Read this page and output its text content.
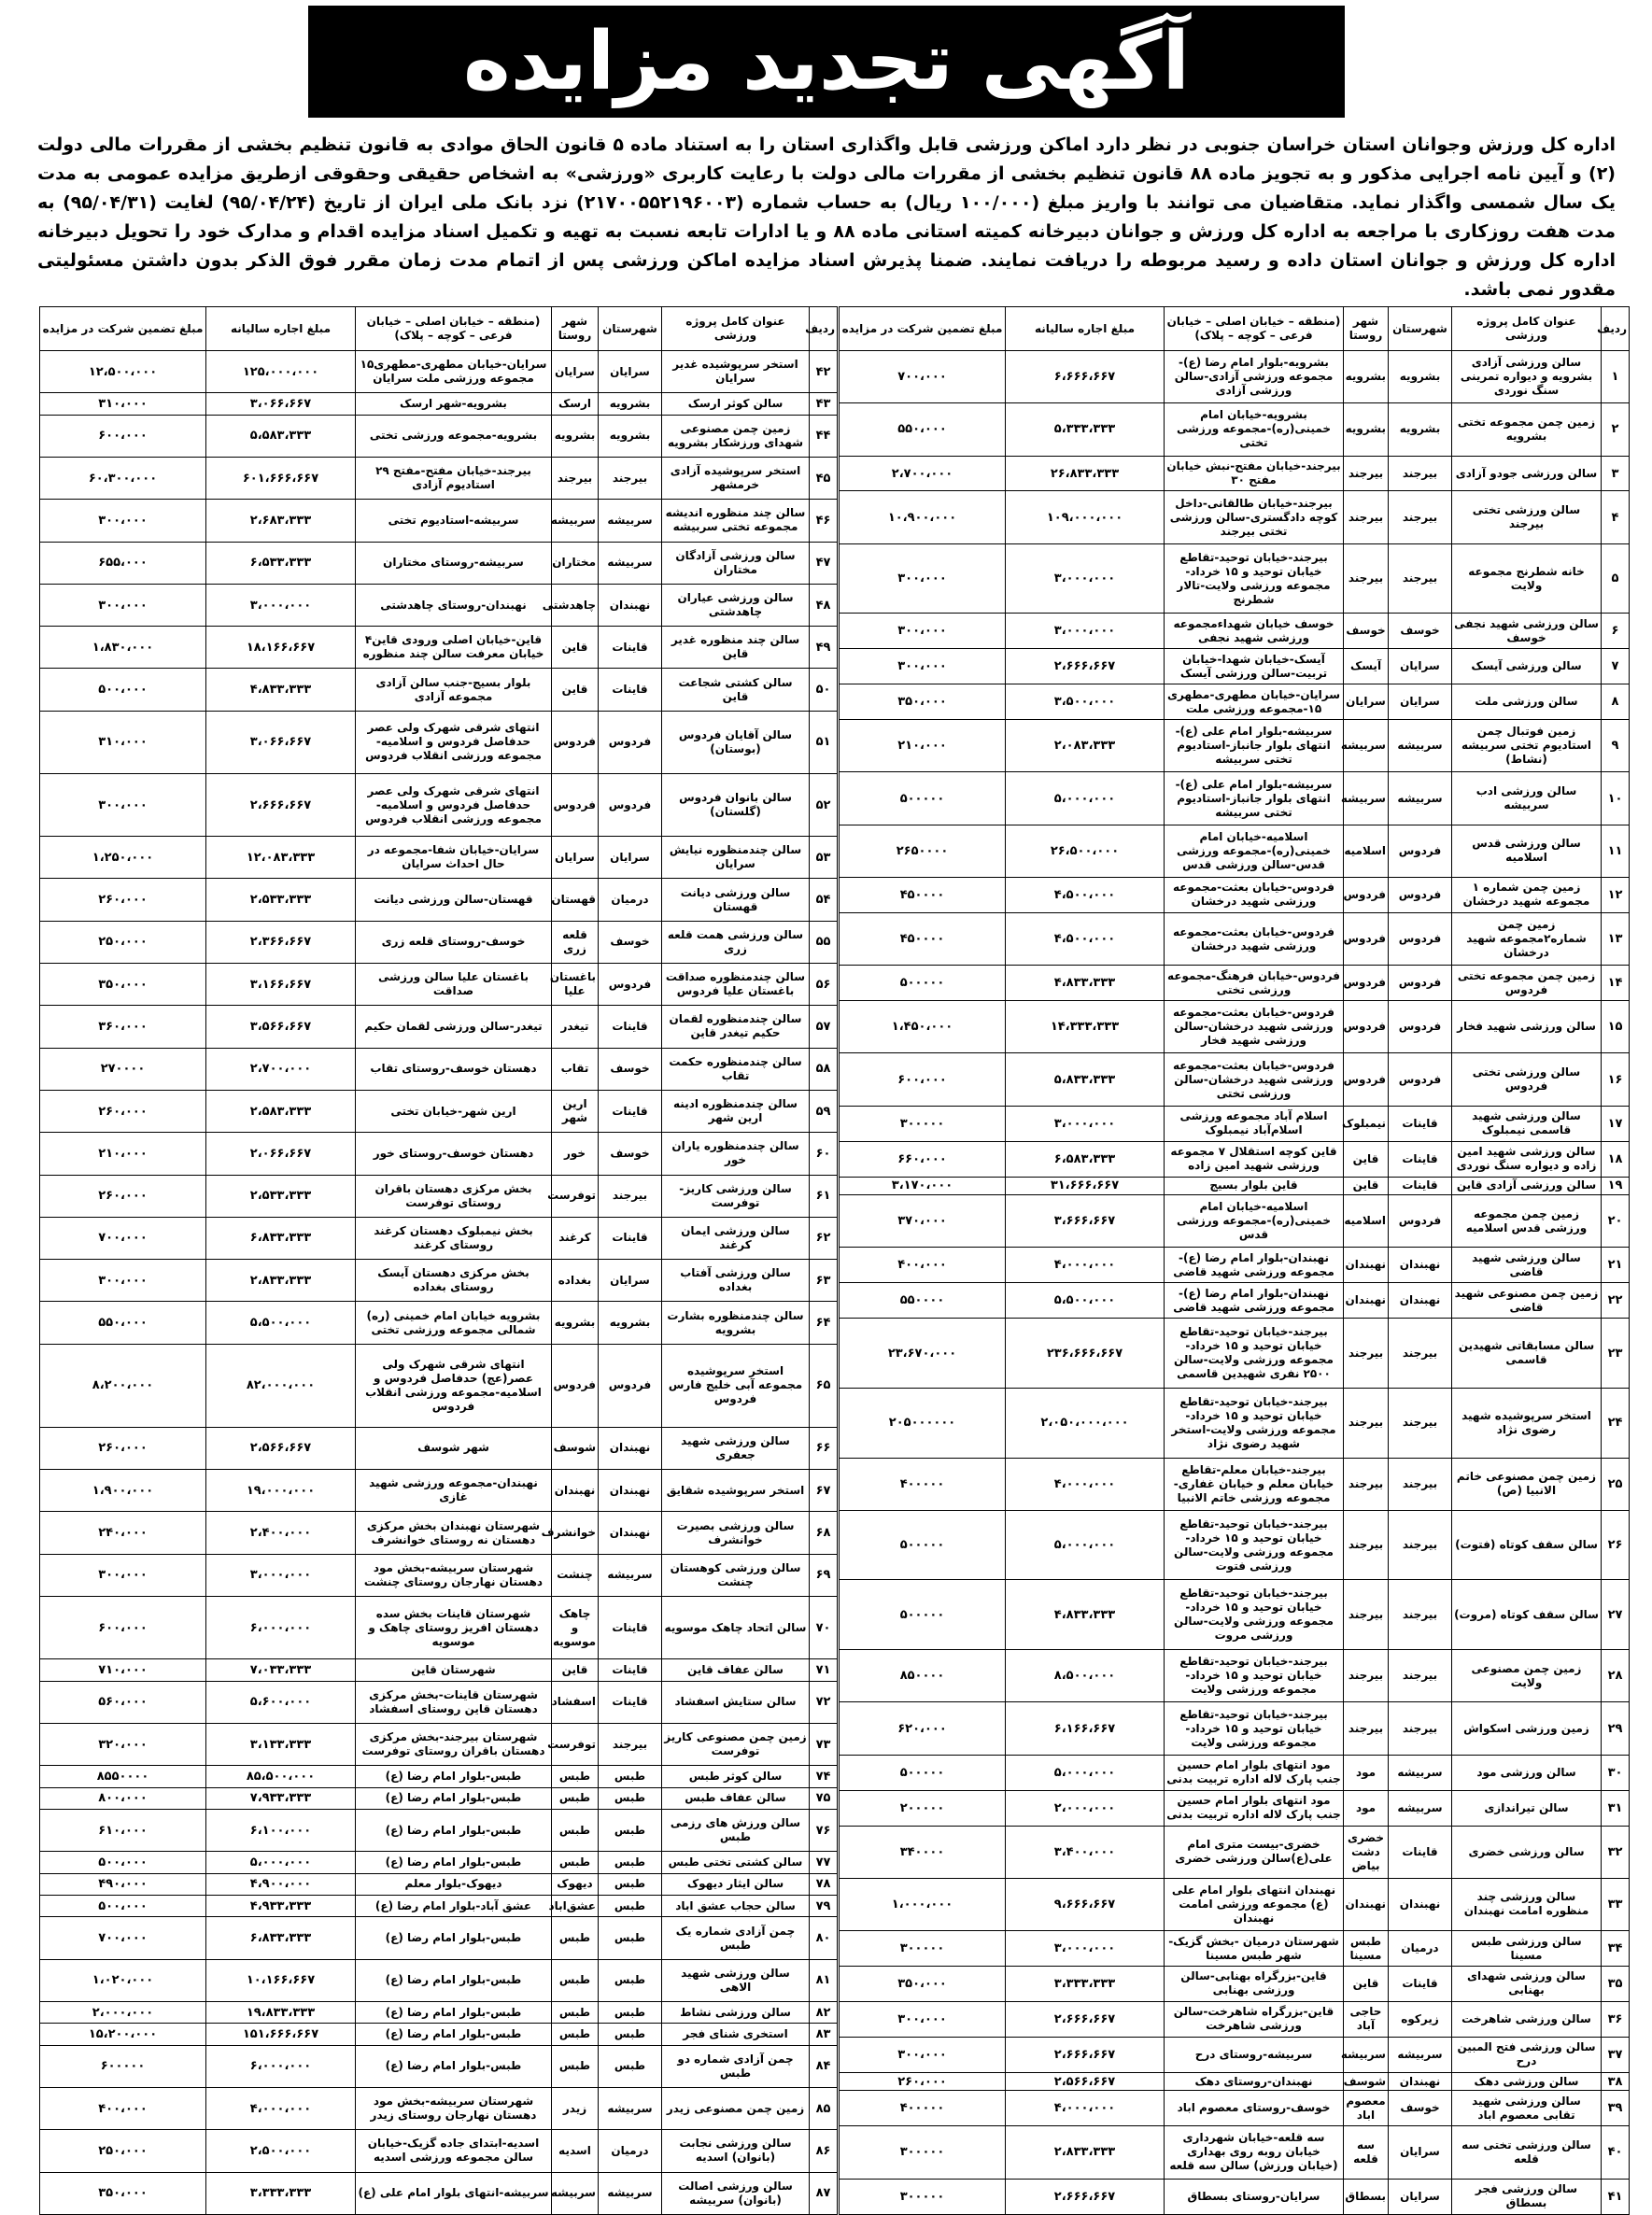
آگهی تجدید مزایده
اداره کل ورزش وجوانان استان خراسان جنوبی در نظر دارد اماکن ورزشی قابل واگذاری استان را به استناد ماده ۵ قانون الحاق موادی به قانون تنظیم بخشی از مقررات مالی دولت (۲) و آیین نامه اجرایی مذکور و به تجویز ماده ۸۸ قانون تنظیم بخشی از مقررات مالی دولت با رعایت کاربری «ورزشی» به اشخاص حقیقی وحقوقی ازطریق مزایده عمومی به مدت یک سال شمسی واگذار نماید. متقاضیان می توانند با واریز مبلغ (۱۰۰/۰۰۰ ریال) به حساب شماره (۲۱۷۰۰۵۵۲۱۹۶۰۰۳) نزد بانک ملی ایران از تاریخ (۹۵/۰۴/۲۴) لغایت (۹۵/۰۴/۳۱) به مدت هفت روزکاری با مراجعه به اداره کل ورزش و جوانان دبیرخانه کمیته استانی ماده ۸۸ و یا ادارات تابعه نسبت به تهیه و تکمیل اسناد مزایده اقدام و مدارک خود را تحویل دبیرخانه اداره کل ورزش و جوانان استان داده و رسید مربوطه را دریافت نمایند. ضمنا پذیرش اسناد مزایده اماکن ورزشی پس از اتمام مدت زمان مقرر فوق الذکر بدون داشتن مسئولیتی مقدور نمی باشد.
ردیف	عنوان کامل پروژه ورزشی	شهرستان	شهر روستا	(منطقه – خیابان اصلی – خیابان فرعی – کوچه – پلاک)	مبلغ اجاره سالیانه	مبلغ تضمین شرکت در مزایده
۱	سالن ورزشی آزادی بشرویه و دیواره تمرینی سنگ نوردی	بشرویه	بشرویه	بشرویه-بلوار امام رضا (ع)-مجموعه ورزشی آزادی-سالن ورزشی آزادی	۶،۶۶۶،۶۶۷	۷۰۰،۰۰۰
۲	زمین چمن مجموعه تختی بشرویه	بشرویه	بشرویه	بشرویه-خیابان امام خمینی(ره)-مجموعه ورزشی تختی	۵،۳۳۳،۳۳۳	۵۵۰،۰۰۰
۳	سالن ورزشی جودو آزادی	بیرجند	بیرجند	بیرجند-خیابان مفتح-نبش خیابان مفتح ۳۰	۲۶،۸۳۳،۳۳۳	۲،۷۰۰،۰۰۰
۴	سالن ورزشی تختی بیرجند	بیرجند	بیرجند	بیرجند-خیابان طالقانی-داخل کوچه دادگستری-سالن ورزشی تختی بیرجند	۱۰۹،۰۰۰،۰۰۰	۱۰،۹۰۰،۰۰۰
۵	خانه شطرنج مجموعه ولایت	بیرجند	بیرجند	بیرجند-خیابان توحید-تقاطع خیابان توحید و ۱۵ خرداد-مجموعه ورزشی ولایت-تالار شطرنج	۳،۰۰۰،۰۰۰	۳۰۰،۰۰۰
۶	سالن ورزشی شهید نجفی خوسف	خوسف	خوسف	خوسف خیابان شهداءمجموعه ورزشی شهید نجفی	۳،۰۰۰،۰۰۰	۳۰۰،۰۰۰
۷	سالن ورزشی آیسک	سرایان	آیسک	آیسک-خیابان شهدا-خیابان تربیت-سالن ورزشی آیسک	۲،۶۶۶،۶۶۷	۳۰۰،۰۰۰
۸	سالن ورزشی ملت	سرایان	سرایان	سرایان-خیابان مطهری-مطهری ۱۵-مجموعه ورزشی ملت	۳،۵۰۰،۰۰۰	۳۵۰،۰۰۰
۹	زمین فوتبال چمن استادیوم تختی سربیشه (نشاط)	سربیشه	سربیشه	سربیشه-بلوار امام علی (ع)-انتهای بلوار جانباز-استادیوم تختی سربیشه	۲،۰۸۳،۳۳۳	۲۱۰،۰۰۰
۱۰	سالن ورزشی ادب سربیشه	سربیشه	سربیشه	سربیشه-بلوار امام علی (ع)-انتهای بلوار جانباز-استادیوم تختی سربیشه	۵،۰۰۰،۰۰۰	۵۰۰۰۰۰
۱۱	سالن ورزشی قدس اسلامیه	فردوس	اسلامیه	اسلامیه-خیابان امام خمینی(ره)-مجموعه ورزشی قدس-سالن ورزشی قدس	۲۶،۵۰۰،۰۰۰	۲۶۵۰۰۰۰
۱۲	زمین چمن شماره ۱ مجموعه شهید درخشان	فردوس	فردوس	فردوس-خیابان بعثت-مجموعه ورزشی شهید درخشان	۴،۵۰۰،۰۰۰	۴۵۰۰۰۰
۱۳	زمین چمن شماره۲مجموعه شهید درخشان	فردوس	فردوس	فردوس-خیابان بعثت-مجموعه ورزشی شهید درخشان	۴،۵۰۰،۰۰۰	۴۵۰۰۰۰
۱۴	زمین چمن مجموعه تختی فردوس	فردوس	فردوس	فردوس-خیابان فرهنگ-مجموعه ورزشی تختی	۴،۸۳۳،۳۳۳	۵۰۰۰۰۰
۱۵	سالن ورزشی شهید فخار	فردوس	فردوس	فردوس-خیابان بعثت-مجموعه ورزشی شهید درخشان-سالن ورزشی شهید فخار	۱۴،۳۳۳،۳۳۳	۱،۴۵۰،۰۰۰
۱۶	سالن ورزشی تختی فردوس	فردوس	فردوس	فردوس-خیابان بعثت-مجموعه ورزشی شهید درخشان-سالن ورزشی تختی	۵،۸۳۳،۳۳۳	۶۰۰،۰۰۰
۱۷	سالن ورزشی شهید قاسمی نیمبلوک	قاینات	نیمبلوک	اسلام آباد مجموعه ورزشی اسلام‌آباد نیمبلوک	۳،۰۰۰،۰۰۰	۳۰۰۰۰۰
۱۸	سالن ورزشی شهید امین زاده و دیواره سنگ نوردی	قاینات	قاین	قاین کوچه استقلال ۷ مجموعه ورزشی شهید امین زاده	۶،۵۸۳،۳۳۳	۶۶۰،۰۰۰
۱۹	سالن ورزشی آزادی قاین	قاینات	قاین	قاین بلوار بسیج	۳۱،۶۶۶،۶۶۷	۳،۱۷۰،۰۰۰
۲۰	زمین چمن مجموعه ورزشی قدس اسلامیه	فردوس	اسلامیه	اسلامیه-خیابان امام خمینی(ره)-مجموعه ورزشی قدس	۳،۶۶۶،۶۶۷	۳۷۰،۰۰۰
۲۱	سالن ورزشی شهید قاضی	نهبندان	نهبندان	نهبندان-بلوار امام رضا (ع)-مجموعه ورزشی شهید قاضی	۴،۰۰۰،۰۰۰	۴۰۰،۰۰۰
۲۲	زمین چمن مصنوعی شهید قاضی	نهبندان	نهبندان	نهبندان-بلوار امام رضا (ع)-مجموعه ورزشی شهید قاضی	۵،۵۰۰،۰۰۰	۵۵۰۰۰۰
۲۳	سالن مسابقاتی شهیدین قاسمی	بیرجند	بیرجند	بیرجند-خیابان توحید-تقاطع خیابان توحید و ۱۵ خرداد-مجموعه ورزشی ولایت-سالن ۲۵۰۰ نفری شهیدین قاسمی	۲۳۶،۶۶۶،۶۶۷	۲۳،۶۷۰،۰۰۰
۲۴	استخر سرپوشیده شهید رضوی نژاد	بیرجند	بیرجند	بیرجند-خیابان توحید-تقاطع خیابان توحید و ۱۵ خرداد-مجموعه ورزشی ولایت-استخر شهید رضوی نژاد	۲،۰۵۰،۰۰۰،۰۰۰	۲۰۵۰۰۰۰۰۰
۲۵	زمین چمن مصنوعی خاتم الانبیا (ص)	بیرجند	بیرجند	بیرجند-خیابان معلم-تقاطع خیابان معلم و خیابان غفاری-مجموعه ورزشی خاتم الانبیا	۴،۰۰۰،۰۰۰	۴۰۰۰۰۰
۲۶	سالن سقف کوتاه (فتوت)	بیرجند	بیرجند	بیرجند-خیابان توحید-تقاطع خیابان توحید و ۱۵ خرداد-مجموعه ورزشی ولایت-سالن ورزشی فتوت	۵،۰۰۰،۰۰۰	۵۰۰۰۰۰
۲۷	سالن سقف کوتاه (مروت)	بیرجند	بیرجند	بیرجند-خیابان توحید-تقاطع خیابان توحید و ۱۵ خرداد-مجموعه ورزشی ولایت-سالن ورزشی مروت	۴،۸۳۳،۳۳۳	۵۰۰۰۰۰
۲۸	زمین چمن مصنوعی ولایت	بیرجند	بیرجند	بیرجند-خیابان توحید-تقاطع خیابان توحید و ۱۵ خرداد-مجموعه ورزشی ولایت	۸،۵۰۰،۰۰۰	۸۵۰۰۰۰
۲۹	زمین ورزشی اسکواش	بیرجند	بیرجند	بیرجند-خیابان توحید-تقاطع خیابان توحید و ۱۵ خرداد-مجموعه ورزشی ولایت	۶،۱۶۶،۶۶۷	۶۲۰،۰۰۰
۳۰	سالن ورزشی مود	سربیشه	مود	مود انتهای بلوار امام حسین جنب پارک لاله اداره تربیت بدنی	۵،۰۰۰،۰۰۰	۵۰۰۰۰۰
۳۱	سالن تیراندازی	سربیشه	مود	مود انتهای بلوار امام حسین جنب پارک لاله اداره تربیت بدنی	۲،۰۰۰،۰۰۰	۲۰۰۰۰۰
۳۲	سالن ورزشی خضری	قاینات	خضری دشت بیاض	خضری-بیست متری امام علی(ع)سالن ورزشی خضری	۳،۴۰۰،۰۰۰	۳۴۰۰۰۰
۳۳	سالن ورزشی چند منظوره امامت نهبندان	نهبندان	نهبندان	نهبندان انتهای بلوار امام علی (ع) مجموعه ورزشی امامت نهبندان	۹،۶۶۶،۶۶۷	۱،۰۰۰،۰۰۰
۳۴	سالن ورزشی طبس مسینا	درمیان	طبس مسینا	شهرستان درمیان -بخش گزیک-شهر طبس مسینا	۳،۰۰۰،۰۰۰	۳۰۰۰۰۰
۳۵	سالن ورزشی شهدای بهنابی	قاینات	قاین	قاین-بزرگراه بهنابی-سالن ورزشی بهنابی	۳،۳۳۳،۳۳۳	۳۵۰،۰۰۰
۳۶	سالن ورزشی شاهرخت	زیرکوه	حاجی آباد	قاین-بزرگراه شاهرخت-سالن ورزشی شاهرخت	۲،۶۶۶،۶۶۷	۳۰۰،۰۰۰
۳۷	سالن ورزشی فتح المبین درح	سربیشه	سربیشه	سربیشه-روستای درح	۲،۶۶۶،۶۶۷	۳۰۰،۰۰۰
۳۸	سالن ورزشی دهک	نهبندان	شوسف	نهبندان-روستای دهک	۲،۵۶۶،۶۶۷	۲۶۰،۰۰۰
۳۹	سالن ورزشی شهید تقابی معصوم اباد	خوسف	معصوم اباد	خوسف-روستای معصوم اباد	۴،۰۰۰،۰۰۰	۴۰۰۰۰۰
۴۰	سالن ورزشی تختی سه قلعه	سرایان	سه قلعه	سه قلعه-خیابان شهرداری خیابان روبه روی بهداری (خیابان ورزش) سالن سه قلعه	۲،۸۳۳،۳۳۳	۳۰۰۰۰۰
۴۱	سالن ورزشی فجر بسطاق	سرایان	بسطاق	سرایان-روستای بسطاق	۲،۶۶۶،۶۶۷	۳۰۰۰۰۰
ردیف	عنوان کامل پروژه ورزشی	شهرستان	شهر روستا	(منطقه – خیابان اصلی – خیابان فرعی – کوچه – پلاک)	مبلغ اجاره سالیانه	مبلغ تضمین شرکت در مزایده
۴۲	استخر سرپوشیده غدیر سرایان	سرایان	سرایان	سرایان-خیابان مطهری-مطهری۱۵ مجموعه ورزشی ملت سرایان	۱۲۵،۰۰۰،۰۰۰	۱۲،۵۰۰،۰۰۰
۴۳	سالن کوثر ارسک	بشرویه	ارسک	بشرویه-شهر ارسک	۳،۰۶۶،۶۶۷	۳۱۰،۰۰۰
۴۴	زمین چمن مصنوعی شهدای ورزشکار بشرویه	بشرویه	بشرویه	بشرویه-مجموعه ورزشی تختی	۵،۵۸۳،۳۳۳	۶۰۰،۰۰۰
۴۵	استخر سرپوشیده آزادی خرمشهر	بیرجند	بیرجند	بیرجند-خیابان مفتح-مفتح ۲۹ استادیوم آزادی	۶۰۱،۶۶۶،۶۶۷	۶۰،۳۰۰،۰۰۰
۴۶	سالن چند منظوره اندیشه مجموعه تختی سربیشه	سربیشه	سربیشه	سربیشه-استادیوم تختی	۲،۶۸۳،۳۳۳	۳۰۰،۰۰۰
۴۷	سالن ورزشی آزادگان مختاران	سربیشه	مختاران	سربیشه-روستای مختاران	۶،۵۳۳،۳۳۳	۶۵۵،۰۰۰
۴۸	سالن ورزشی عیاران چاهدشتی	نهبندان	چاهدشتی	نهبندان-روستای چاهدشتی	۳،۰۰۰،۰۰۰	۳۰۰،۰۰۰
۴۹	سالن چند منظوره غدیر قاین	قاینات	قاین	قاین-خیابان اصلی ورودی قاین۴ خیابان معرفت سالن چند منظوره	۱۸،۱۶۶،۶۶۷	۱،۸۳۰،۰۰۰
۵۰	سالن کشتی شجاعت قاین	قاینات	قاین	بلوار بسیج-جنب سالن آزادی مجموعه آزادی	۴،۸۳۳،۳۳۳	۵۰۰،۰۰۰
۵۱	سالن آقایان فردوس (بوستان)	فردوس	فردوس	انتهای شرقی شهرک ولی عصر حدفاصل فردوس و اسلامیه-مجموعه ورزشی انقلاب فردوس	۳،۰۶۶،۶۶۷	۳۱۰،۰۰۰
۵۲	سالن بانوان فردوس (گلستان)	فردوس	فردوس	انتهای شرقی شهرک ولی عصر حدفاصل فردوس و اسلامیه-مجموعه ورزشی انقلاب فردوس	۲،۶۶۶،۶۶۷	۳۰۰،۰۰۰
۵۳	سالن چندمنظوره نیایش سرایان	سرایان	سرایان	سرایان-خیابان شفا-مجموعه در حال احداث سرایان	۱۲،۰۸۳،۳۳۳	۱،۲۵۰،۰۰۰
۵۴	سالن ورزشی دیانت قهستان	درمیان	قهستان	قهستان-سالن ورزشی دیانت	۲،۵۳۳،۳۳۳	۲۶۰،۰۰۰
۵۵	سالن ورزشی همت قلعه زری	خوسف	قلعه زری	خوسف-روستای قلعه زری	۲،۳۶۶،۶۶۷	۲۵۰،۰۰۰
۵۶	سالن چندمنظوره صداقت باغستان علیا فردوس	فردوس	باغستان علیا	باغستان علیا سالن ورزشی صداقت	۳،۱۶۶،۶۶۷	۳۵۰،۰۰۰
۵۷	سالن چندمنظوره لقمان حکیم تیغدر قاین	قاینات	تیغدر	تیغدر-سالن ورزشی لقمان حکیم	۳،۵۶۶،۶۶۷	۳۶۰،۰۰۰
۵۸	سالن چندمنظوره حکمت تقاب	خوسف	تقاب	دهستان خوسف-روستای تقاب	۲،۷۰۰،۰۰۰	۲۷۰۰۰۰
۵۹	سالن چندمنظوره ادینه ارین شهر	قاینات	ارین شهر	ارین شهر-خیابان تختی	۲،۵۸۳،۳۳۳	۲۶۰،۰۰۰
۶۰	سالن چندمنظوره یاران خور	خوسف	خور	دهستان خوسف-روستای خور	۲،۰۶۶،۶۶۷	۲۱۰،۰۰۰
۶۱	سالن ورزشی کاریز-توفرست	بیرجند	توفرست	بخش مرکزی دهستان باقران روستای توفرست	۲،۵۳۳،۳۳۳	۲۶۰،۰۰۰
۶۲	سالن ورزشی ایمان کرغند	قاینات	کرغند	بخش نیمبلوک دهستان کرغند روستای کرغند	۶،۸۳۳،۳۳۳	۷۰۰،۰۰۰
۶۳	سالن ورزشی آفتاب بغداده	سرایان	بغداده	بخش مرکزی دهستان آیسک روستای بغداده	۲،۸۳۳،۳۳۳	۳۰۰،۰۰۰
۶۴	سالن چندمنظوره بشارت بشرویه	بشرویه	بشرویه	بشرویه خیابان امام خمینی (ره) شمالی مجموعه ورزشی تختی	۵،۵۰۰،۰۰۰	۵۵۰،۰۰۰
۶۵	استخر سرپوشیده مجموعه آبی خلیج فارس فردوس	فردوس	فردوس	انتهای شرقی شهرک ولی عصر(عج) حدفاصل فردوس و اسلامیه-مجموعه ورزشی انقلاب فردوس	۸۲،۰۰۰،۰۰۰	۸،۲۰۰،۰۰۰
۶۶	سالن ورزشی شهید جعفری	نهبندان	شوسف	شهر شوسف	۲،۵۶۶،۶۶۷	۲۶۰،۰۰۰
۶۷	استخر سرپوشیده شقایق	نهبندان	نهبندان	نهبندان-مجموعه ورزشی شهید غازی	۱۹،۰۰۰،۰۰۰	۱،۹۰۰،۰۰۰
۶۸	سالن ورزشی بصیرت خوانشرف	نهبندان	خوانشرف	شهرستان نهبندان بخش مرکزی دهستان نه روستای خوانشرف	۲،۴۰۰،۰۰۰	۲۴۰،۰۰۰
۶۹	سالن ورزشی کوهستان چنشت	سربیشه	چنشت	شهرستان سربیشه-بخش مود دهستان نهارجان روستای چنشت	۳،۰۰۰،۰۰۰	۳۰۰،۰۰۰
۷۰	سالن اتحاد چاهک موسویه	قاینات	چاهک و موسویه	شهرستان قاینات بخش سده دهستان افریز روستای چاهک و موسویه	۶،۰۰۰،۰۰۰	۶۰۰،۰۰۰
۷۱	سالن عفاف قاین	قاینات	قاین	شهرستان قاین	۷،۰۳۳،۳۳۳	۷۱۰،۰۰۰
۷۲	سالن ستایش اسفشاد	قاینات	اسفشاد	شهرستان قاینات-بخش مرکزی دهستان قاین روستای اسفشاد	۵،۶۰۰،۰۰۰	۵۶۰،۰۰۰
۷۳	زمین چمن مصنوعی کاریز توفرست	بیرجند	توفرست	شهرستان بیرجند-بخش مرکزی دهستان باقران روستای توفرست	۳،۱۳۳،۳۳۳	۳۲۰،۰۰۰
۷۴	سالن کوثر طبس	طبس	طبس	طبس-بلوار امام رضا (ع)	۸۵،۵۰۰،۰۰۰	۸۵۵۰۰۰۰
۷۵	سالن عفاف طبس	طبس	طبس	طبس-بلوار امام رضا (ع)	۷،۹۳۳،۳۳۳	۸۰۰،۰۰۰
۷۶	سالن ورزش های رزمی طبس	طبس	طبس	طبس-بلوار امام رضا (ع)	۶،۱۰۰،۰۰۰	۶۱۰،۰۰۰
۷۷	سالن کشتی تختی طبس	طبس	طبس	طبس-بلوار امام رضا (ع)	۵،۰۰۰،۰۰۰	۵۰۰،۰۰۰
۷۸	سالن ایثار دیهوک	طبس	دیهوک	دیهوک-بلوار معلم	۴،۹۰۰،۰۰۰	۴۹۰،۰۰۰
۷۹	سالن حجاب عشق اباد	طبس	عشق‌اباد	عشق آباد-بلوار امام رضا (ع)	۴،۹۳۳،۳۳۳	۵۰۰،۰۰۰
۸۰	چمن آزادی شماره یک طبس	طبس	طبس	طبس-بلوار امام رضا (ع)	۶،۸۳۳،۳۳۳	۷۰۰،۰۰۰
۸۱	سالن ورزشی شهید الاهی	طبس	طبس	طبس-بلوار امام رضا (ع)	۱۰،۱۶۶،۶۶۷	۱،۰۲۰،۰۰۰
۸۲	سالن ورزشی نشاط	طبس	طبس	طبس-بلوار امام رضا (ع)	۱۹،۸۳۳،۳۳۳	۲،۰۰۰،۰۰۰
۸۳	استخری شنای فجر	طبس	طبس	طبس-بلوار امام رضا (ع)	۱۵۱،۶۶۶،۶۶۷	۱۵،۲۰۰،۰۰۰
۸۴	چمن آزادی شماره دو طبس	طبس	طبس	طبس-بلوار امام رضا (ع)	۶،۰۰۰،۰۰۰	۶۰۰۰۰۰
۸۵	زمین چمن مصنوعی زیدر	سربیشه	زیدر	شهرستان سربیشه-بخش مود دهستان نهارجان روستای زیدر	۴،۰۰۰،۰۰۰	۴۰۰،۰۰۰
۸۶	سالن ورزشی نجابت (بانوان) اسدیه	درمیان	اسدیه	اسدیه-ابتدای جاده گزیک-خیابان سالن مجموعه ورزشی اسدیه	۲،۵۰۰،۰۰۰	۲۵۰،۰۰۰
۸۷	سالن ورزشی اصالت (بانوان) سربیشه	سربیشه	سربیشه	سربیشه-انتهای بلوار امام علی (ع)	۳،۳۳۳،۳۳۳	۳۵۰،۰۰۰
